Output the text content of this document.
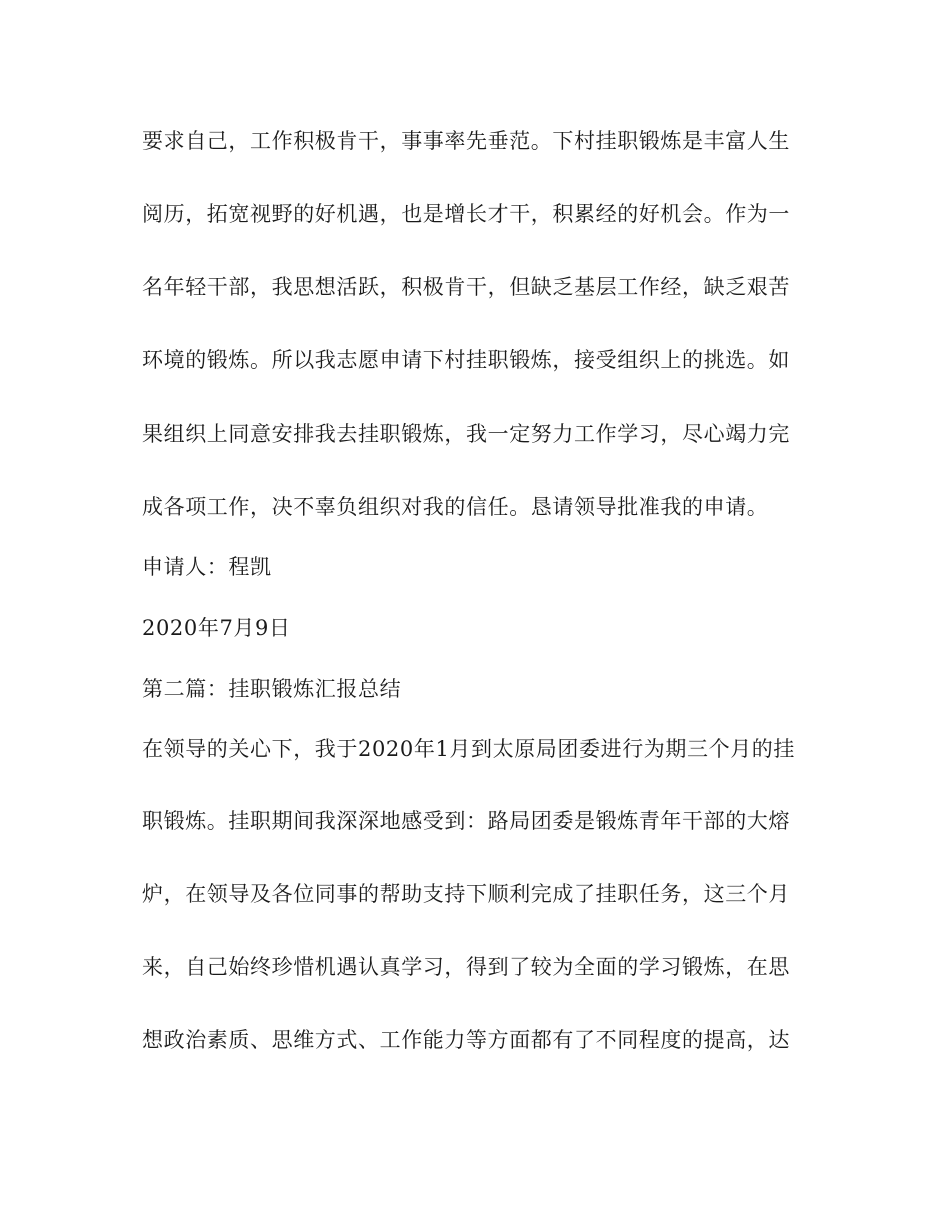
要求自己，工作积极肯干，事事率先垂范。下村挂职锻炼是丰富人生
阅历，拓宽视野的好机遇，也是增长才干，积累经的好机会。作为一
名年轻干部，我思想活跃，积极肯干，但缺乏基层工作经，缺乏艰苦
环境的锻炼。所以我志愿申请下村挂职锻炼，接受组织上的挑选。如
果组织上同意安排我去挂职锻炼，我一定努力工作学习，尽心竭力完
成各项工作，决不辜负组织对我的信任。恳请领导批准我的申请。
申请人：程凯
2020年7月9日
第二篇：挂职锻炼汇报总结
在领导的关心下，我于2020年1月到太原局团委进行为期三个月的挂
职锻炼。挂职期间我深深地感受到：路局团委是锻炼青年干部的大熔
炉，在领导及各位同事的帮助支持下顺利完成了挂职任务，这三个月
来，自己始终珍惜机遇认真学习，得到了较为全面的学习锻炼，在思
想政治素质、思维方式、工作能力等方面都有了不同程度的提高，达
